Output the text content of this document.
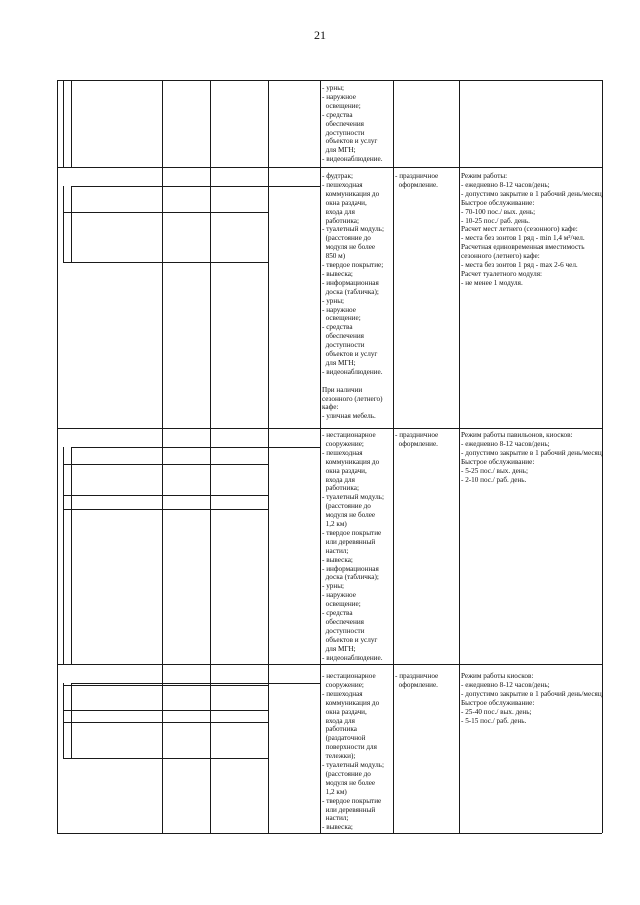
21
- урны;
- наружное
освещение;
- средства
обеспечения
доступности
объектов и услуг
для МГН;
- видеонаблюдение.
- фудтрак;
- пешеходная
коммуникация до
окна раздачи,
входа для
работника;
- туалетный модуль;
(расстояние до
модуля не более
850 м)
- твердое покрытие;
- вывеска;
- информационная
доска (табличка);
- урны;
- наружное
освещение;
- средства
обеспечения
доступности
объектов и услуг
для МГН;
- видеонаблюдение.
При наличии
сезонного (летнего)
кафе:
- уличная мебель.
- праздничное
оформление.
Режим работы:
- ежедневно 8-12 часов/день;
- допустимо закрытие в 1 рабочий день/месяц.
Быстрое обслуживание:
- 70-100 пос./ выx. день;
- 10-25 пос./ раб. день.
Расчет мест летнего (сезонного) кафе:
- места без зонтов 1 ряд - min 1,4 м²/чел.
Расчетная единовременная вместимость
сезонного (летнего) кафе:
- места без зонтов 1 ряд - max 2-6 чел.
Расчет туалетного модуля:
- не менее 1 модуля.
- нестационарное
сооружение;
- пешеходная
коммуникация до
окна раздачи,
входа для
работника;
- туалетный модуль;
(расстояние до
модуля не более
1,2 км)
- твердое покрытие
или деревянный
настил;
- вывеска;
- информационная
доска (табличка);
- урны;
- наружное
освещение;
- средства
обеспечения
доступности
объектов и услуг
для МГН;
- видеонаблюдение.
- праздничное
оформление.
Режим работы павильонов, киосков:
- ежедневно 8-12 часов/день;
- допустимо закрытие в 1 рабочий день/месяц.
Быстрое обслуживание:
- 5-25 пос./ вых. день;
- 2-10 пос./ раб. день.
- нестационарное
сооружение;
- пешеходная
коммуникация до
окна раздачи,
входа для
работника
(раздаточной
поверхности для
тележки);
- туалетный модуль;
(расстояние до
модуля не более
1,2 км)
- твердое покрытие
или деревянный
настил;
- вывеска;
- праздничное
оформление.
Режим работы киосков:
- ежедневно 8-12 часов/день;
- допустимо закрытие в 1 рабочий день/месяц.
Быстрое обслуживание:
- 25-40 пос./ вых. день;
- 5-15 пос./ раб. день.
